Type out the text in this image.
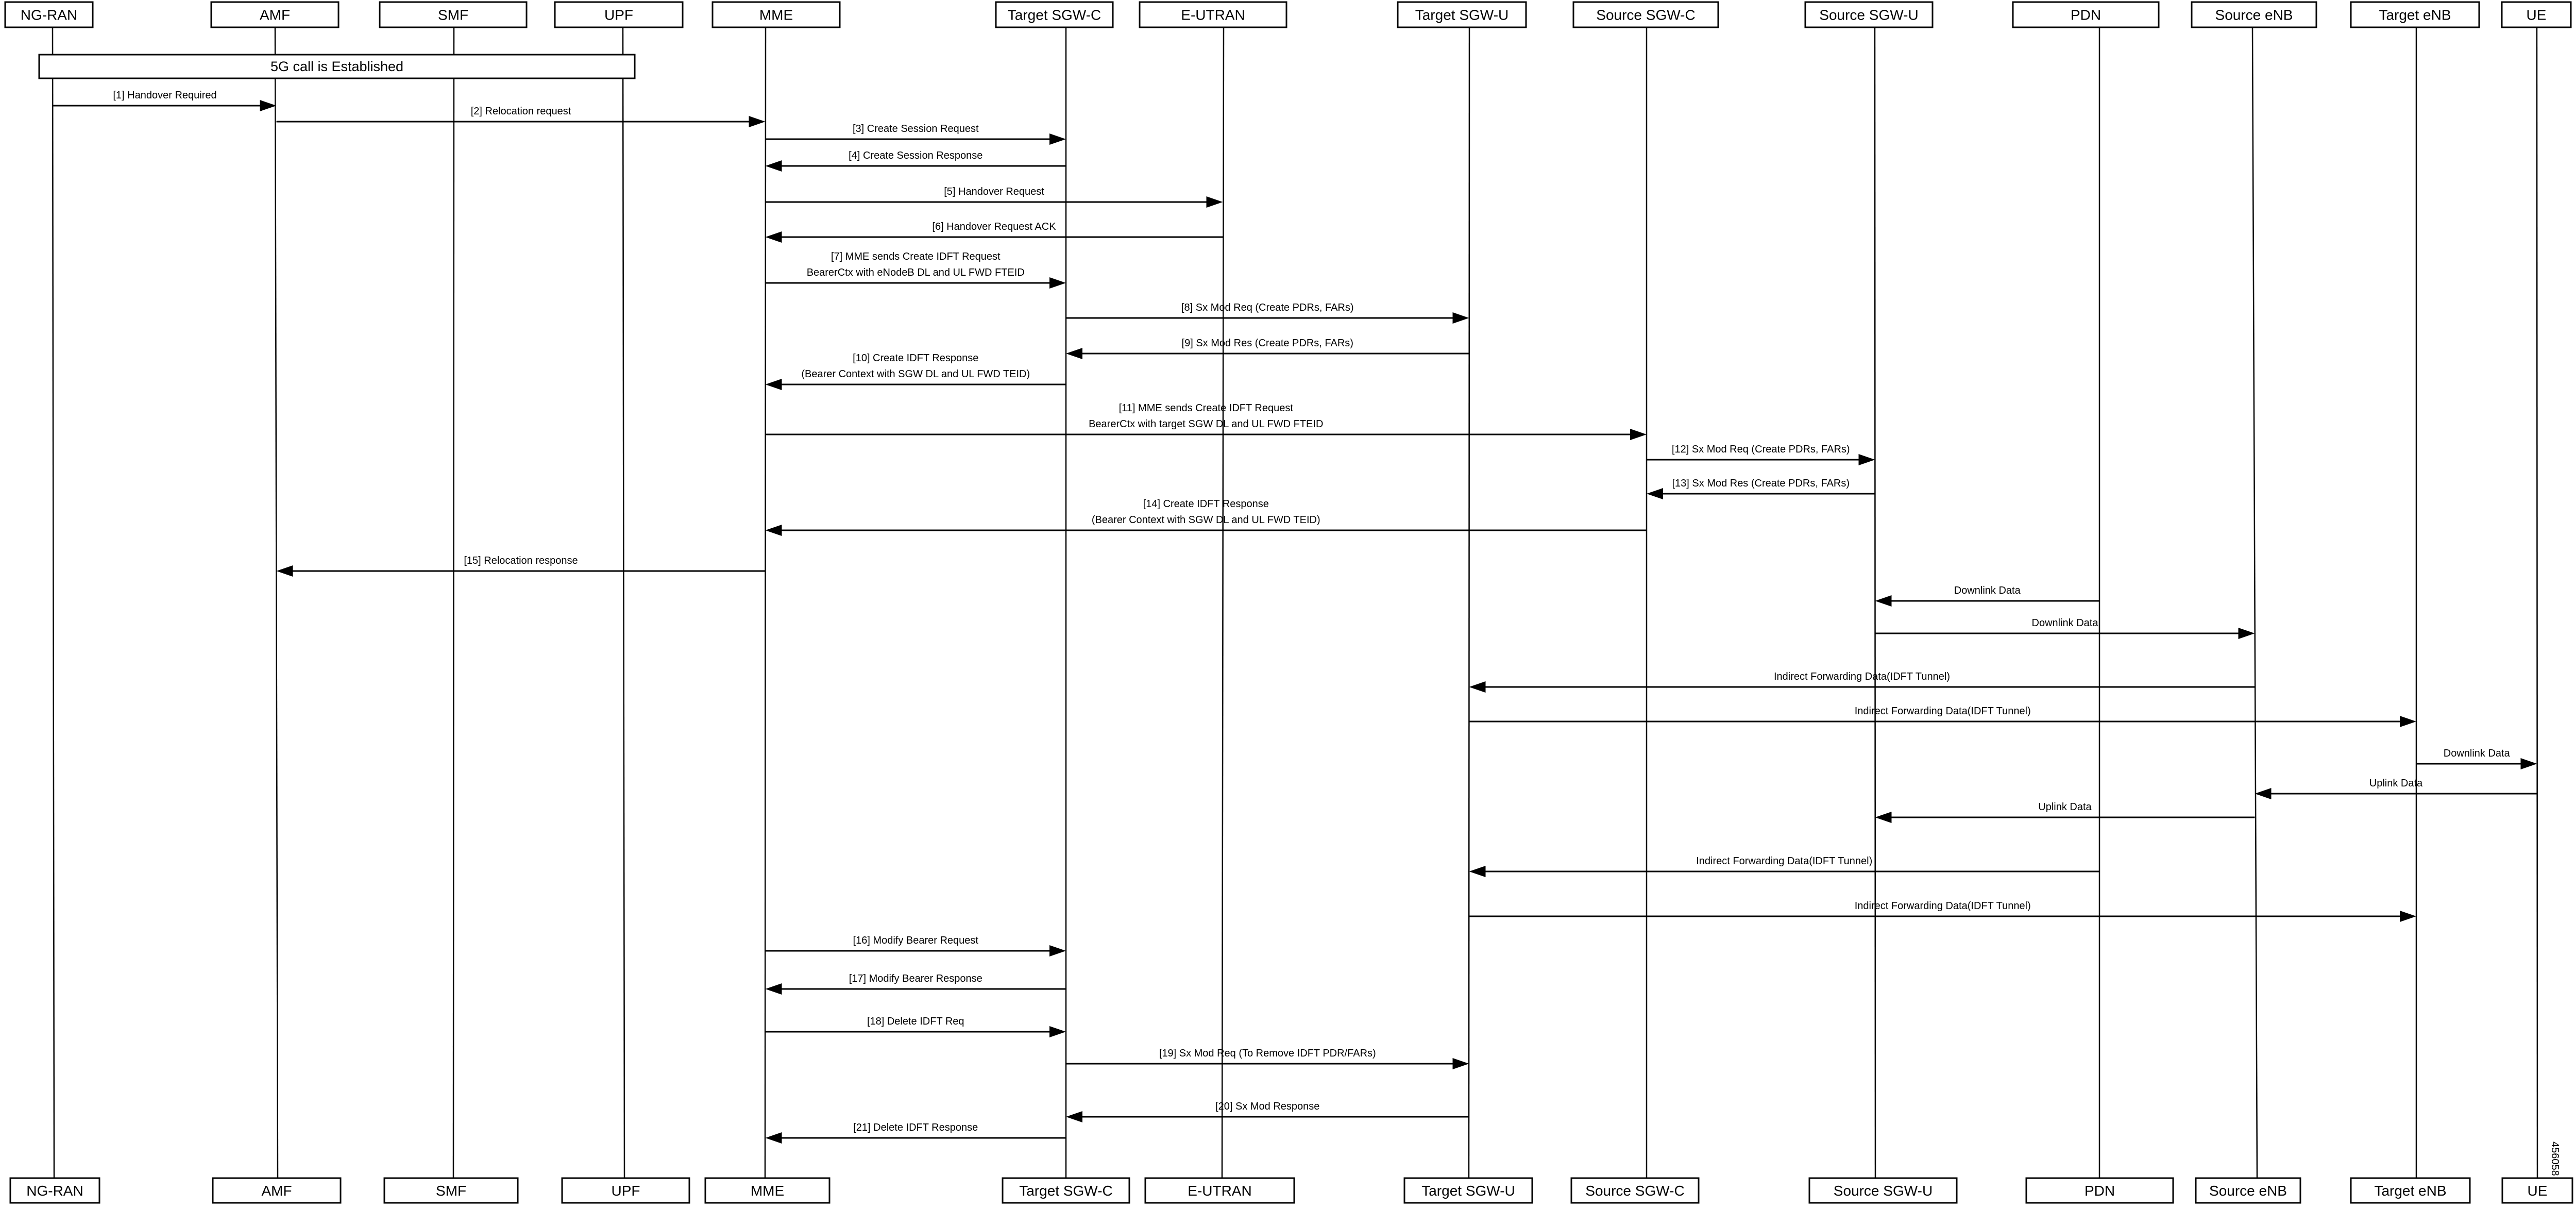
5G call is Established
[1] Handover Required
[2] Relocation request
[3] Create Session Request
[4] Create Session Response
[5] Handover Request
[6] Handover Request ACK
[7] MME sends Create IDFT Request
BearerCtx with eNodeB DL and UL FWD FTEID
[8] Sx Mod Req (Create PDRs, FARs)
[9] Sx Mod Res (Create PDRs, FARs)
[10] Create IDFT Response
(Bearer Context with SGW DL and UL FWD TEID)
[11] MME sends Create IDFT Request
BearerCtx with target SGW DL and UL FWD FTEID
[12] Sx Mod Req (Create PDRs, FARs)
[13] Sx Mod Res (Create PDRs, FARs)
[14] Create IDFT Response
(Bearer Context with SGW DL and UL FWD TEID)
[15] Relocation response
Downlink Data
Downlink Data
Indirect Forwarding Data(IDFT Tunnel)
Indirect Forwarding Data(IDFT Tunnel)
Downlink Data
Uplink Data
Uplink Data
Indirect Forwarding Data(IDFT Tunnel)
Indirect Forwarding Data(IDFT Tunnel)
[16] Modify Bearer Request
[17] Modify Bearer Response
[18] Delete IDFT Req
[19] Sx Mod Req (To Remove IDFT PDR/FARs)
[20] Sx Mod Response
[21] Delete IDFT Response
NG-RAN	AMF	SMF	UPF	MME	Target SGW-C	E-UTRAN	Target SGW-U	Source SGW-C	Source SGW-U	PDN	Source eNB	Target eNB	UE
NG-RAN	AMF	SMF	UPF	MME	Target SGW-C	E-UTRAN	Target SGW-U	Source SGW-C	Source SGW-U	PDN	Source eNB	Target eNB	UE
456058
